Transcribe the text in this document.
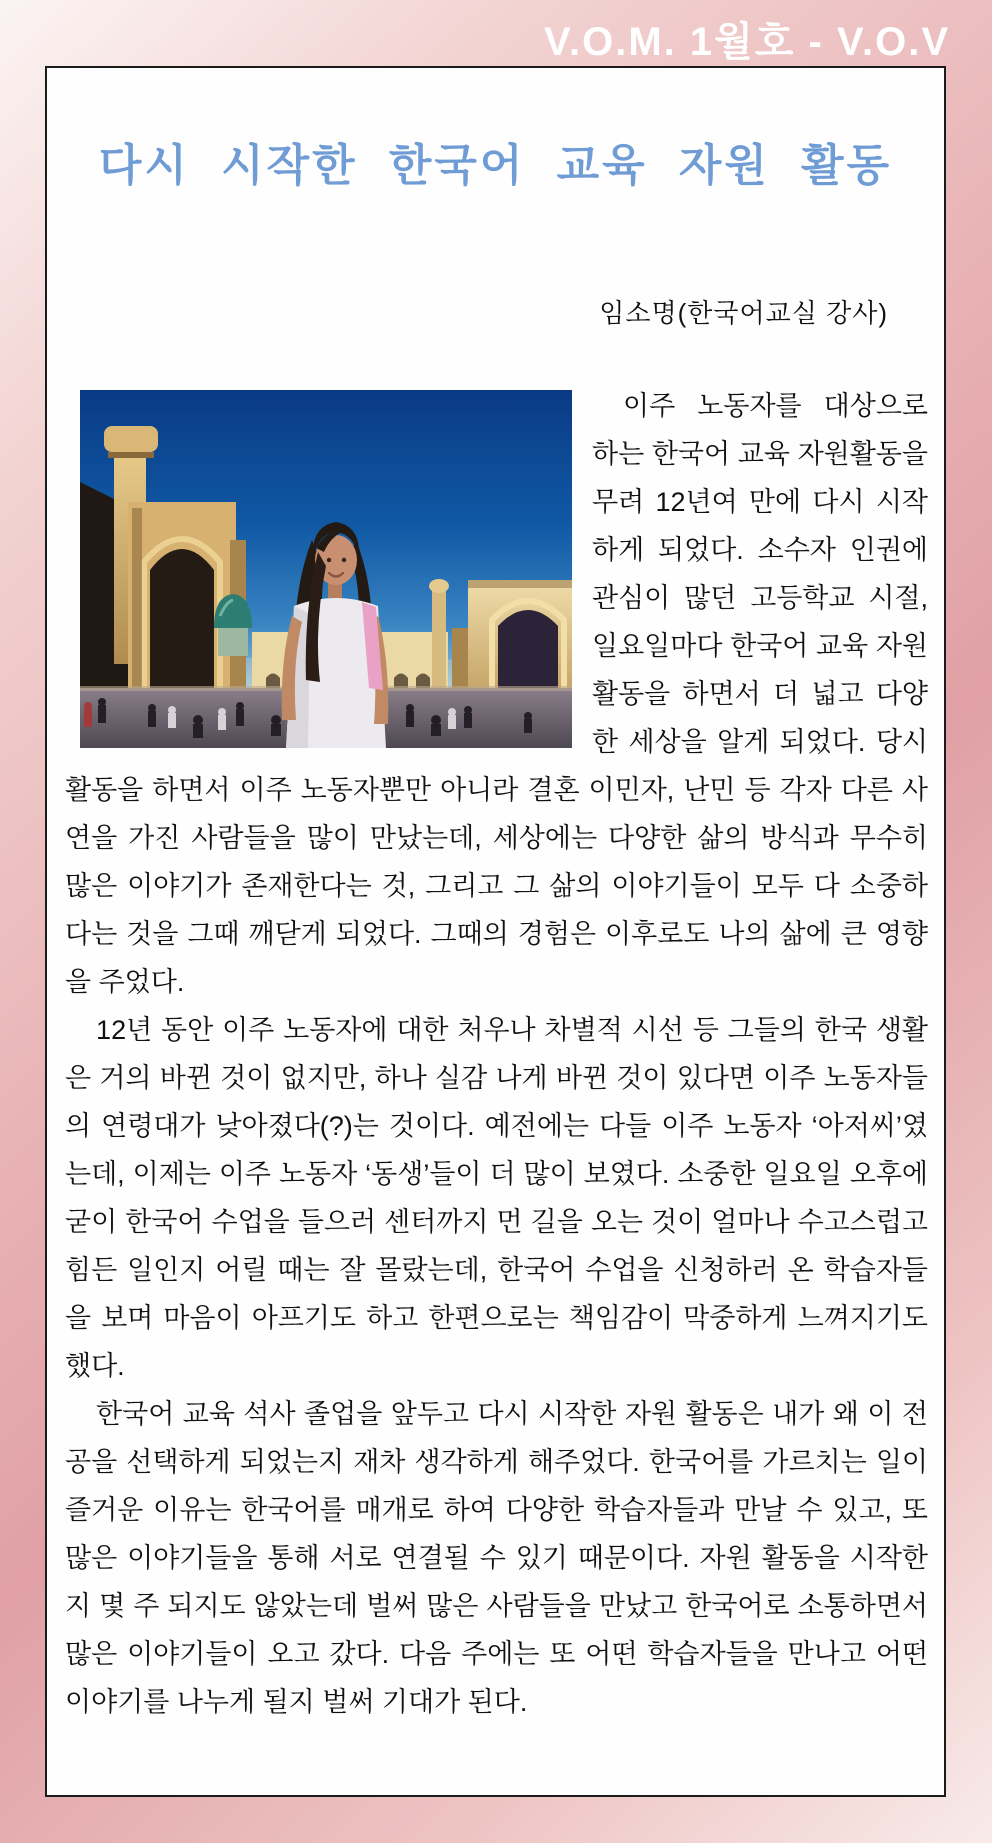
V.O.M. 1월호 - V.O.V
다시 시작한 한국어 교육 자원 활동
임소명(한국어교실 강사)

이주 노동자를 대상으로 하는 한국어 교육 자원활동을 무려 12년여 만에 다시 시작하게 되었다. 소수자 인권에 관심이 많던 고등학교 시절, 일요일마다 한국어 교육 자원활동을 하면서 더 넓고 다양한 세상을 알게 되었다. 당시 활동을 하면서 이주 노동자뿐만 아니라 결혼 이민자, 난민 등 각자 다른 사연을 가진 사람들을 많이 만났는데, 세상에는 다양한 삶의 방식과 무수히 많은 이야기가 존재한다는 것, 그리고 그 삶의 이야기들이 모두 다 소중하다는 것을 그때 깨닫게 되었다. 그때의 경험은 이후로도 나의 삶에 큰 영향을 주었다.

12년 동안 이주 노동자에 대한 처우나 차별적 시선 등 그들의 한국 생활은 거의 바뀐 것이 없지만, 하나 실감 나게 바뀐 것이 있다면 이주 노동자들의 연령대가 낮아졌다(?)는 것이다. 예전에는 다들 이주 노동자 ‘아저씨’였는데, 이제는 이주 노동자 ‘동생’들이 더 많이 보였다. 소중한 일요일 오후에 굳이 한국어 수업을 들으러 센터까지 먼 길을 오는 것이 얼마나 수고스럽고 힘든 일인지 어릴 때는 잘 몰랐는데, 한국어 수업을 신청하러 온 학습자들을 보며 마음이 아프기도 하고 한편으로는 책임감이 막중하게 느껴지기도 했다.

한국어 교육 석사 졸업을 앞두고 다시 시작한 자원 활동은 내가 왜 이 전공을 선택하게 되었는지 재차 생각하게 해주었다. 한국어를 가르치는 일이 즐거운 이유는 한국어를 매개로 하여 다양한 학습자들과 만날 수 있고, 또 많은 이야기들을 통해 서로 연결될 수 있기 때문이다. 자원 활동을 시작한 지 몇 주 되지도 않았는데 벌써 많은 사람들을 만났고 한국어로 소통하면서 많은 이야기들이 오고 갔다. 다음 주에는 또 어떤 학습자들을 만나고 어떤 이야기를 나누게 될지 벌써 기대가 된다.
